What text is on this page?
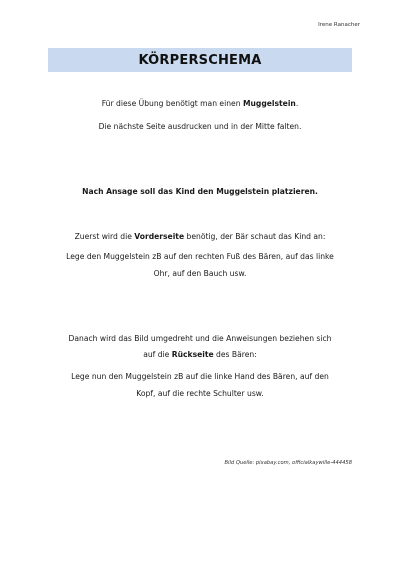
Irene Ranacher
KÖRPERSCHEMA
Für diese Übung benötigt man einen Muggelstein.
Die nächste Seite ausdrucken und in der Mitte falten.
Nach Ansage soll das Kind den Muggelstein platzieren.
Zuerst wird die Vorderseite benötig, der Bär schaut das Kind an:
Lege den Muggelstein zB auf den rechten Fuß des Bären, auf das linke
Ohr, auf den Bauch usw.
Danach wird das Bild umgedreht und die Anweisungen beziehen sich
auf die Rückseite des Bären:
Lege nun den Muggelstein zB auf die linke Hand des Bären, auf den
Kopf, auf die rechte Schulter usw.
Bild Quelle: pixabay.com, officialkaywille-444458
